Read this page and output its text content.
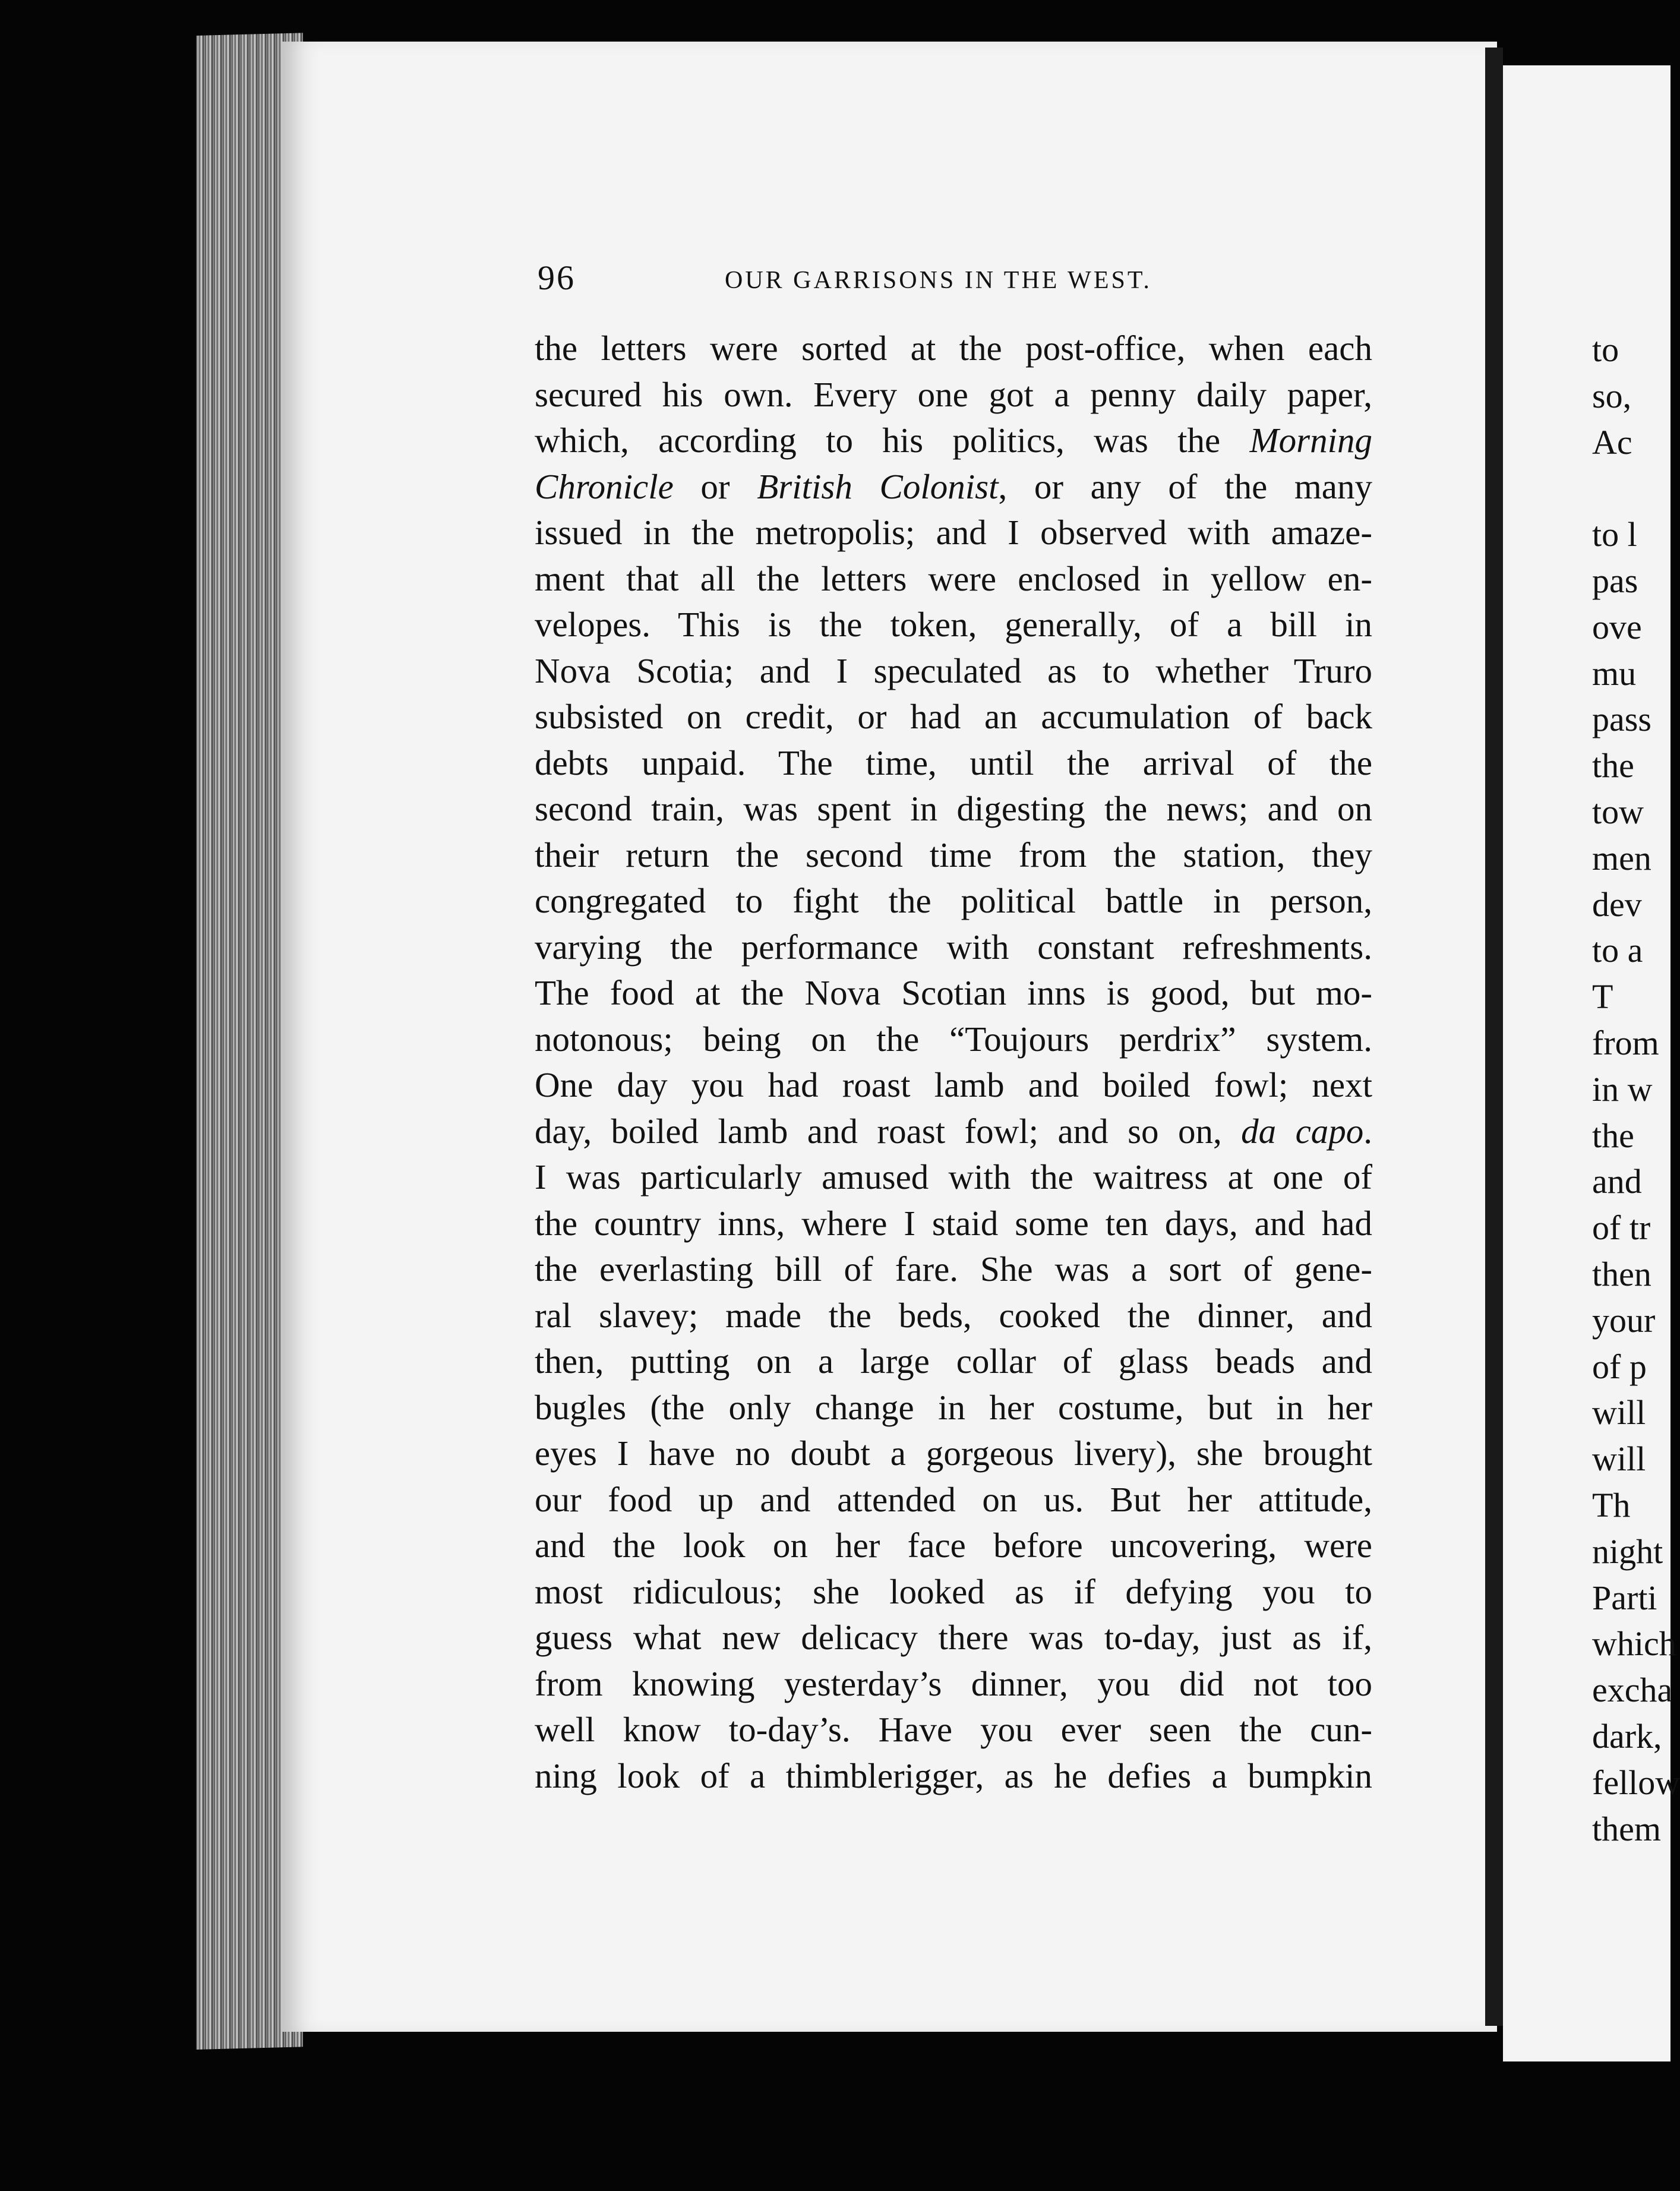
to
so,
Ac
to l
pas
ove
mu
pass
the
tow
men
dev
to a
T
from
in w
the
and
of tr
then
your
of p
will
will
Th
night
Parti
which
excha
dark,
fellow
them
96	OUR GARRISONS IN THE WEST.
the letters were sorted at the post-office, when each
secured his own. Every one got a penny daily paper,
which, according to his politics, was the Morning
Chronicle or British Colonist, or any of the many
issued in the metropolis; and I observed with amaze-
ment that all the letters were enclosed in yellow en-
velopes. This is the token, generally, of a bill in
Nova Scotia; and I speculated as to whether Truro
subsisted on credit, or had an accumulation of back
debts unpaid. The time, until the arrival of the
second train, was spent in digesting the news; and on
their return the second time from the station, they
congregated to fight the political battle in person,
varying the performance with constant refreshments.
The food at the Nova Scotian inns is good, but mo-
notonous; being on the “Toujours perdrix” system.
One day you had roast lamb and boiled fowl; next
day, boiled lamb and roast fowl; and so on, da capo.
I was particularly amused with the waitress at one of
the country inns, where I staid some ten days, and had
the everlasting bill of fare. She was a sort of gene-
ral slavey; made the beds, cooked the dinner, and
then, putting on a large collar of glass beads and
bugles (the only change in her costume, but in her
eyes I have no doubt a gorgeous livery), she brought
our food up and attended on us. But her attitude,
and the look on her face before uncovering, were
most ridiculous; she looked as if defying you to
guess what new delicacy there was to-day, just as if,
from knowing yesterday’s dinner, you did not too
well know to-day’s. Have you ever seen the cun-
ning look of a thimblerigger, as he defies a bumpkin
